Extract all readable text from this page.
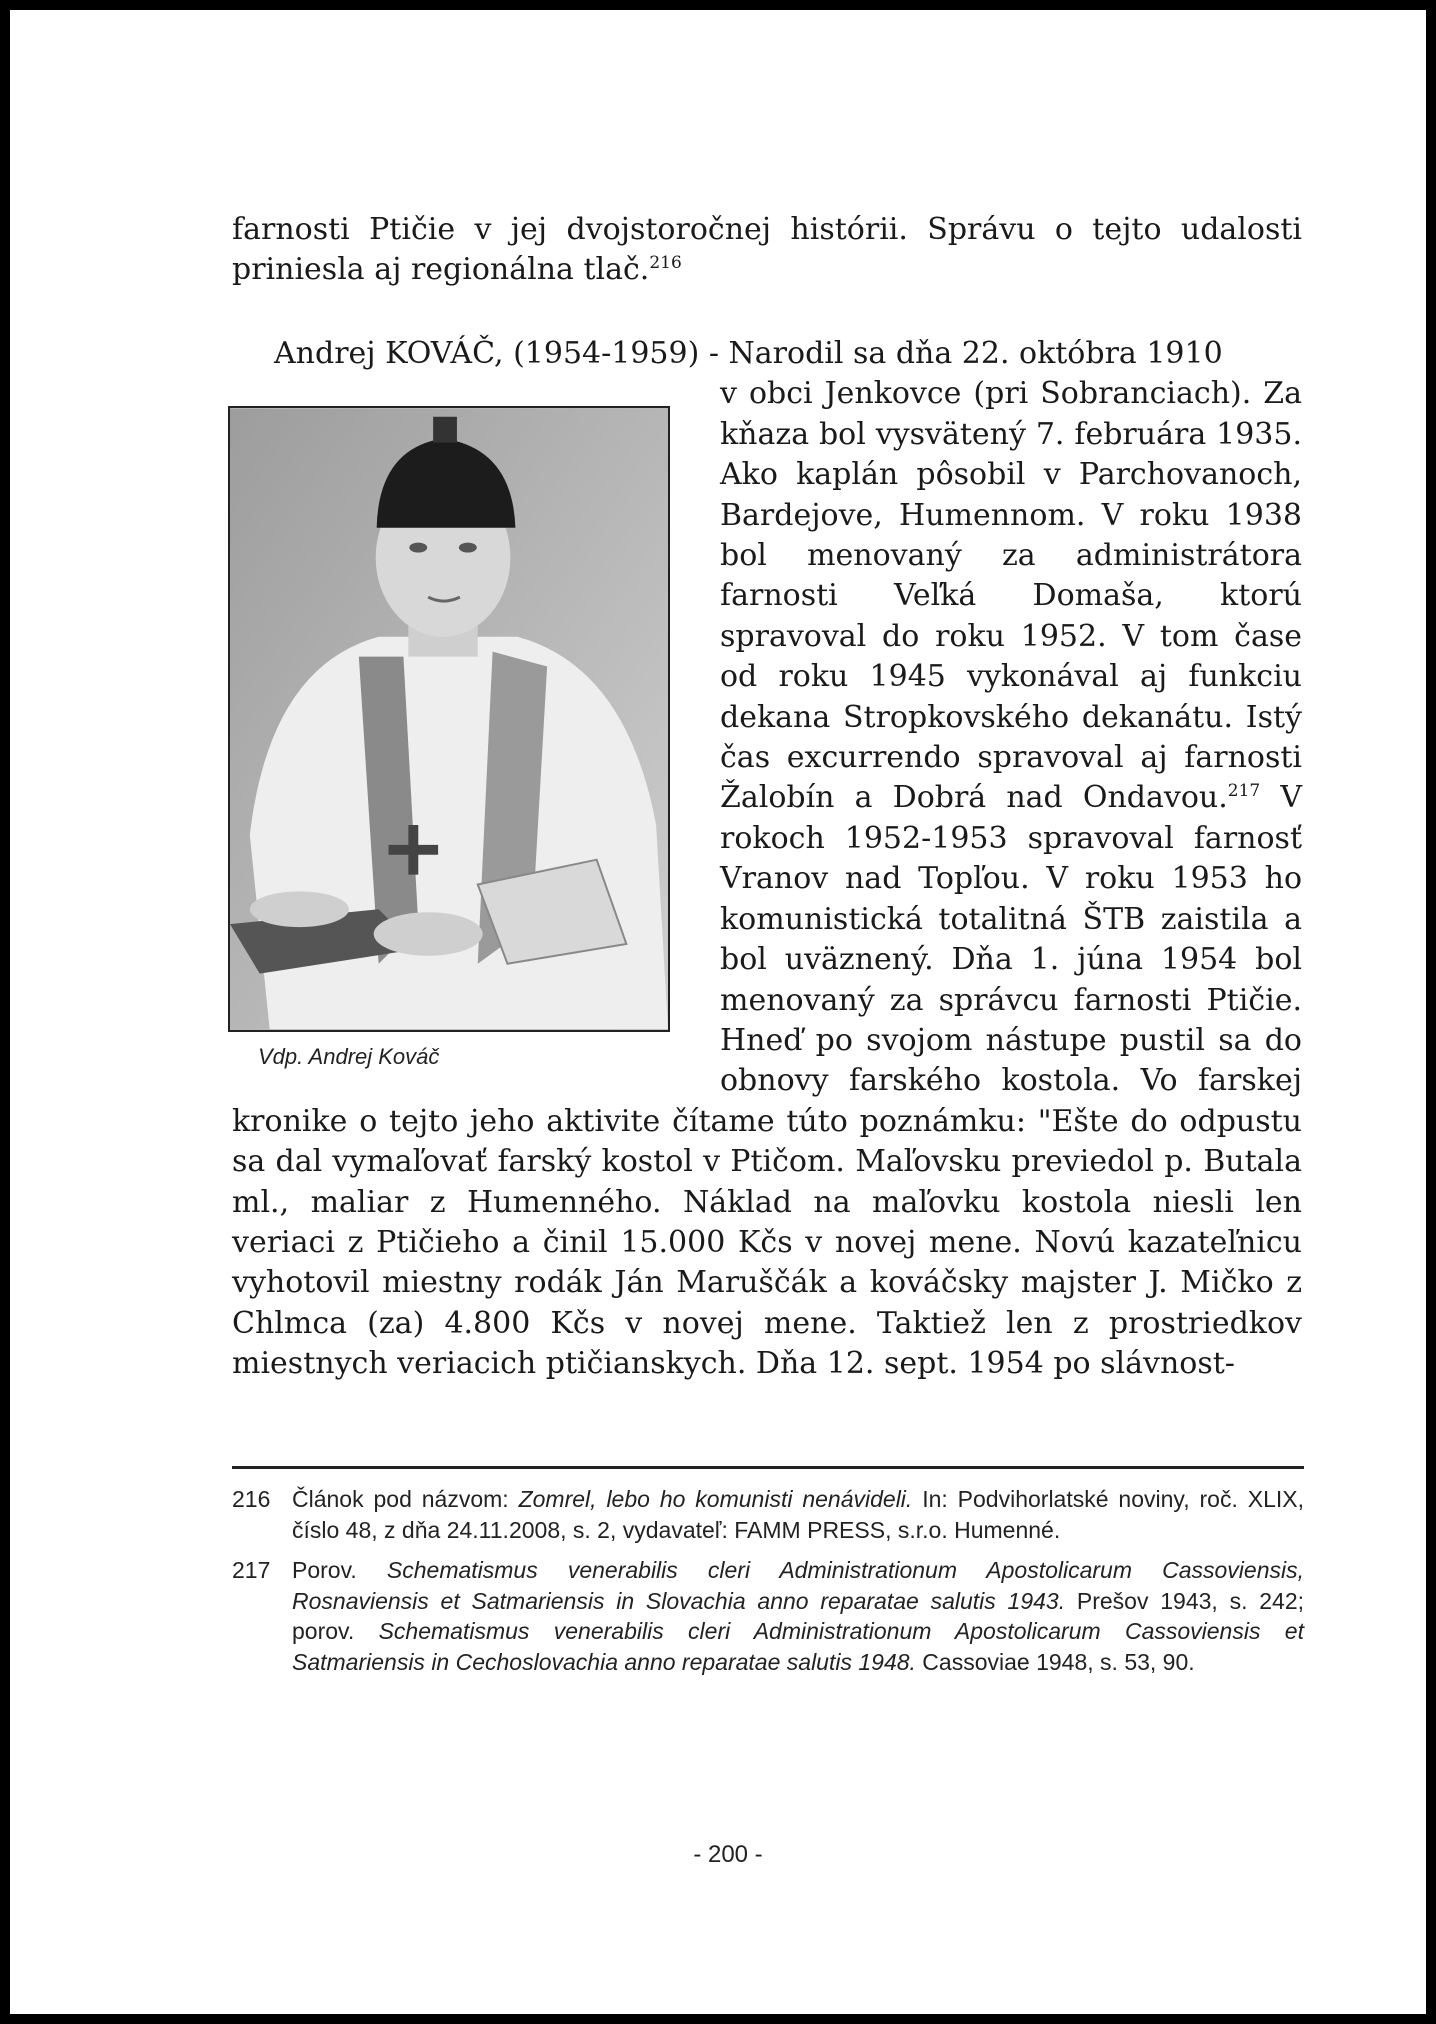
farnosti Ptičie v jej dvojstoročnej histórii. Správu o tejto udalosti priniesla aj regionálna tlač.$^{216}$

Andrej KOVÁČ, (1954-1959) - Narodil sa dňa 22. októbra 1910
v obci Jenkovce (pri Sobranciach). Za kňaza bol vysvätený 7. februára 1935. Ako kaplán pôsobil v Parchovanoch, Bardejove, Humennom. V roku 1938 bol menovaný za administrátora farnosti Veľká Domaša, ktorú spravoval do roku 1952. V tom čase od roku 1945 vykonával aj funkciu dekana Stropkovského dekanátu. Istý čas excurrendo spravoval aj farnosti Žalobín a Dobrá nad Ondavou.$^{217}$ V rokoch 1952-1953 spravoval farnosť Vranov nad Topľou. V roku 1953 ho komunistická totalitná ŠTB zaistila a bol uväznený. Dňa 1. júna 1954 bol menovaný za správcu farnosti Ptičie. Hneď po svojom nástupe pustil sa do obnovy farského kostola. Vo farskej kronike o tejto jeho aktivite čítame túto poznámku: "Ešte do odpustu sa dal vymaľovať farský kostol v Ptičom. Maľovsku previedol p. Butala ml., maliar z Humenného. Náklad na maľovku kostola niesli len veriaci z Ptičieho a činil 15.000 Kčs v novej mene. Novú kazateľnicu vyhotovil miestny rodák Ján Maruščák a kováčsky majster J. Mičko z Chlmca (za) 4.800 Kčs v novej mene. Taktiež len z prostriedkov miestnych veriacich ptičianskych. Dňa 12. sept. 1954 po slávnost-

Vdp. Andrej Kováč
216 Článok pod názvom: Zomrel, lebo ho komunisti nenávideli. In: Podvihorlatské noviny, roč. XLIX, číslo 48, z dňa 24.11.2008, s. 2, vydavateľ: FAMM PRESS, s.r.o. Humenné.
217 Porov. Schematismus venerabilis cleri Administrationum Apostolicarum Cassoviensis, Rosnaviensis et Satmariensis in Slovachia anno reparatae salutis 1943. Prešov 1943, s. 242; porov. Schematismus venerabilis cleri Administrationum Apostolicarum Cassoviensis et Satmariensis in Cechoslovachia anno reparatae salutis 1948. Cassoviae 1948, s. 53, 90.
- 200 -
